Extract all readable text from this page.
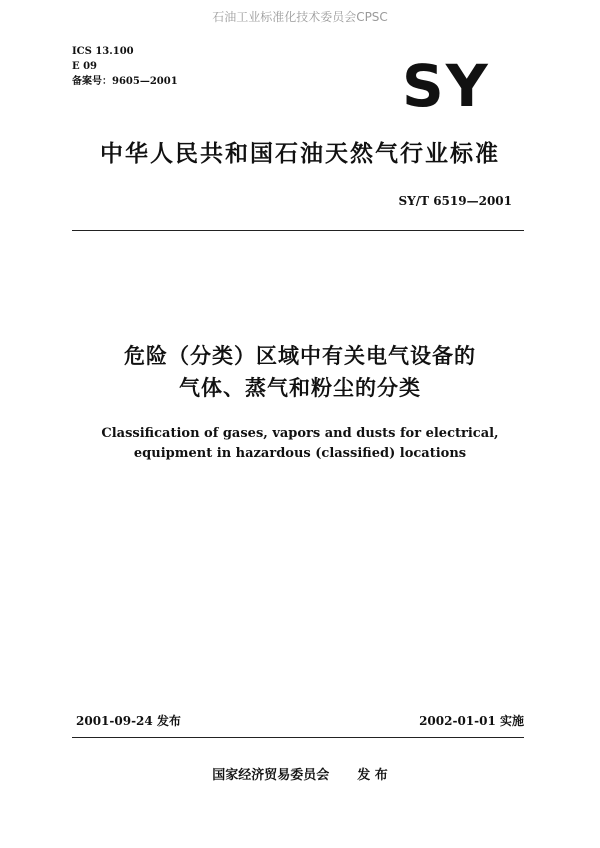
石油工业标准化技术委员会CPSC
ICS 13.100
E 09
备案号：9605—2001	SY
中华人民共和国石油天然气行业标准
SY/T 6519—2001
危险（分类）区域中有关电气设备的
气体、蒸气和粉尘的分类
Classification of gases, vapors and dusts for electrical,
equipment in hazardous (classified) locations
2001-09-24 发布	2002-01-01 实施
国家经济贸易委员会 发 布
